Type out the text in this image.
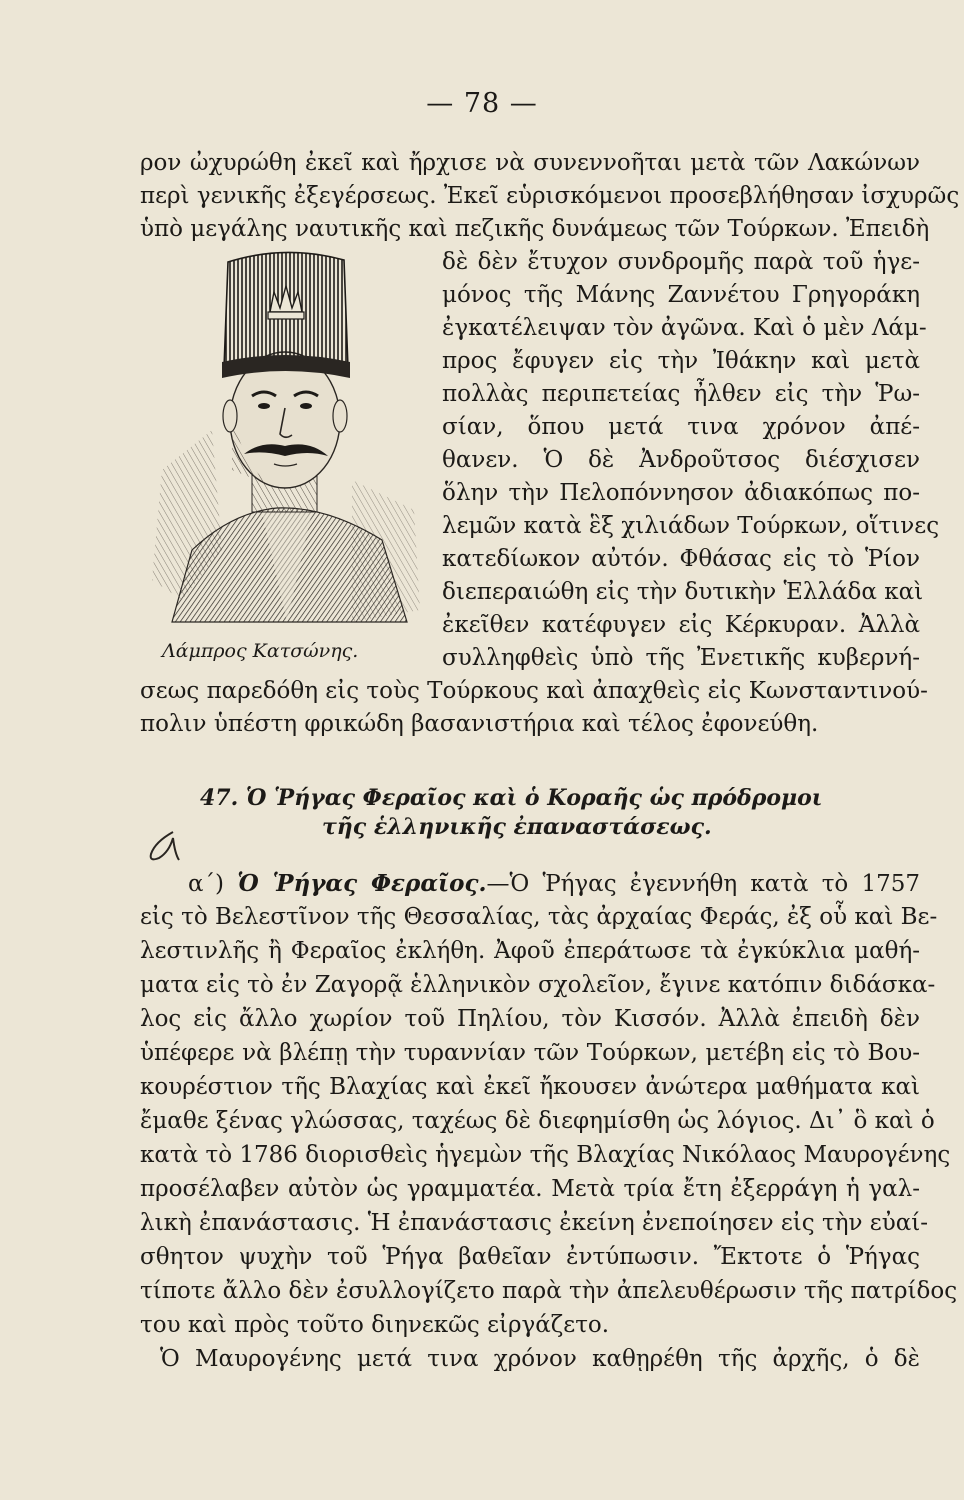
— 78 —
ρον ὠχυρώθη ἐκεῖ καὶ ἤρχισε νὰ συνεννοῆται μετὰ τῶν Λακώνων
περὶ γενικῆς ἐξεγέρσεως. Ἐκεῖ εὑρισκόμενοι προσεβλήθησαν ἰσχυρῶς
ὑπὸ μεγάλης ναυτικῆς καὶ πεζικῆς δυνάμεως τῶν Τούρκων. Ἐπειδὴ
δὲ δὲν ἔτυχον συνδρομῆς παρὰ τοῦ ἡγε-
μόνος τῆς Μάνης Ζαννέτου Γρηγοράκη
ἐγκατέλειψαν τὸν ἀγῶνα. Καὶ ὁ μὲν Λάμ-
προς ἔφυγεν εἰς τὴν Ἰθάκην καὶ μετὰ
πολλὰς περιπετείας ἦλθεν εἰς τὴν Ῥω-
σίαν, ὅπου μετά τινα χρόνον ἀπέ-
θανεν. Ὁ δὲ Ἀνδροῦτσος διέσχισεν
ὅλην τὴν Πελοπόννησον ἀδιακόπως πο-
λεμῶν κατὰ ἓξ χιλιάδων Τούρκων, οἵτινες
κατεδίωκον αὐτόν. Φθάσας εἰς τὸ Ῥίον
διεπεραιώθη εἰς τὴν δυτικὴν Ἑλλάδα καὶ
ἐκεῖθεν κατέφυγεν εἰς Κέρκυραν. Ἀλλὰ
συλληφθεὶς ὑπὸ τῆς Ἐνετικῆς κυβερνή-
σεως παρεδόθη εἰς τοὺς Τούρκους καὶ ἀπαχθεὶς εἰς Κωνσταντινού-
πολιν ὑπέστη φρικώδη βασανιστήρια καὶ τέλος ἐφονεύθη.
Λάμπρος Κατσώνης.
47. Ὁ Ῥήγας Φεραῖος καὶ ὁ Κοραῆς ὡς πρόδρομοι
τῆς ἑλληνικῆς ἐπαναστάσεως.
α΄) Ὁ Ῥήγας Φεραῖος.—Ὁ Ῥήγας ἐγεννήθη κατὰ τὸ 1757
εἰς τὸ Βελεστῖνον τῆς Θεσσαλίας, τὰς ἀρχαίας Φεράς, ἐξ οὗ καὶ Βε-
λεστινλῆς ἢ Φεραῖος ἐκλήθη. Ἀφοῦ ἐπεράτωσε τὰ ἐγκύκλια μαθή-
ματα εἰς τὸ ἐν Ζαγορᾷ ἑλληνικὸν σχολεῖον, ἔγινε κατόπιν διδάσκα-
λος εἰς ἄλλο χωρίον τοῦ Πηλίου, τὸν Κισσόν. Ἀλλὰ ἐπειδὴ δὲν
ὑπέφερε νὰ βλέπῃ τὴν τυραννίαν τῶν Τούρκων, μετέβη εἰς τὸ Βου-
κουρέστιον τῆς Βλαχίας καὶ ἐκεῖ ἤκουσεν ἀνώτερα μαθήματα καὶ
ἔμαθε ξένας γλώσσας, ταχέως δὲ διεφημίσθη ὡς λόγιος. Δι᾽ ὃ καὶ ὁ
κατὰ τὸ 1786 διορισθεὶς ἡγεμὼν τῆς Βλαχίας Νικόλαος Μαυρογένης
προσέλαβεν αὐτὸν ὡς γραμματέα. Μετὰ τρία ἔτη ἐξερράγη ἡ γαλ-
λικὴ ἐπανάστασις. Ἡ ἐπανάστασις ἐκείνη ἐνεποίησεν εἰς τὴν εὐαί-
σθητον ψυχὴν τοῦ Ῥήγα βαθεῖαν ἐντύπωσιν. Ἔκτοτε ὁ Ῥήγας
τίποτε ἄλλο δὲν ἐσυλλογίζετο παρὰ τὴν ἀπελευθέρωσιν τῆς πατρίδος
του καὶ πρὸς τοῦτο διηνεκῶς εἰργάζετο.
Ὁ Μαυρογένης μετά τινα χρόνον καθῃρέθη τῆς ἀρχῆς, ὁ δὲ
